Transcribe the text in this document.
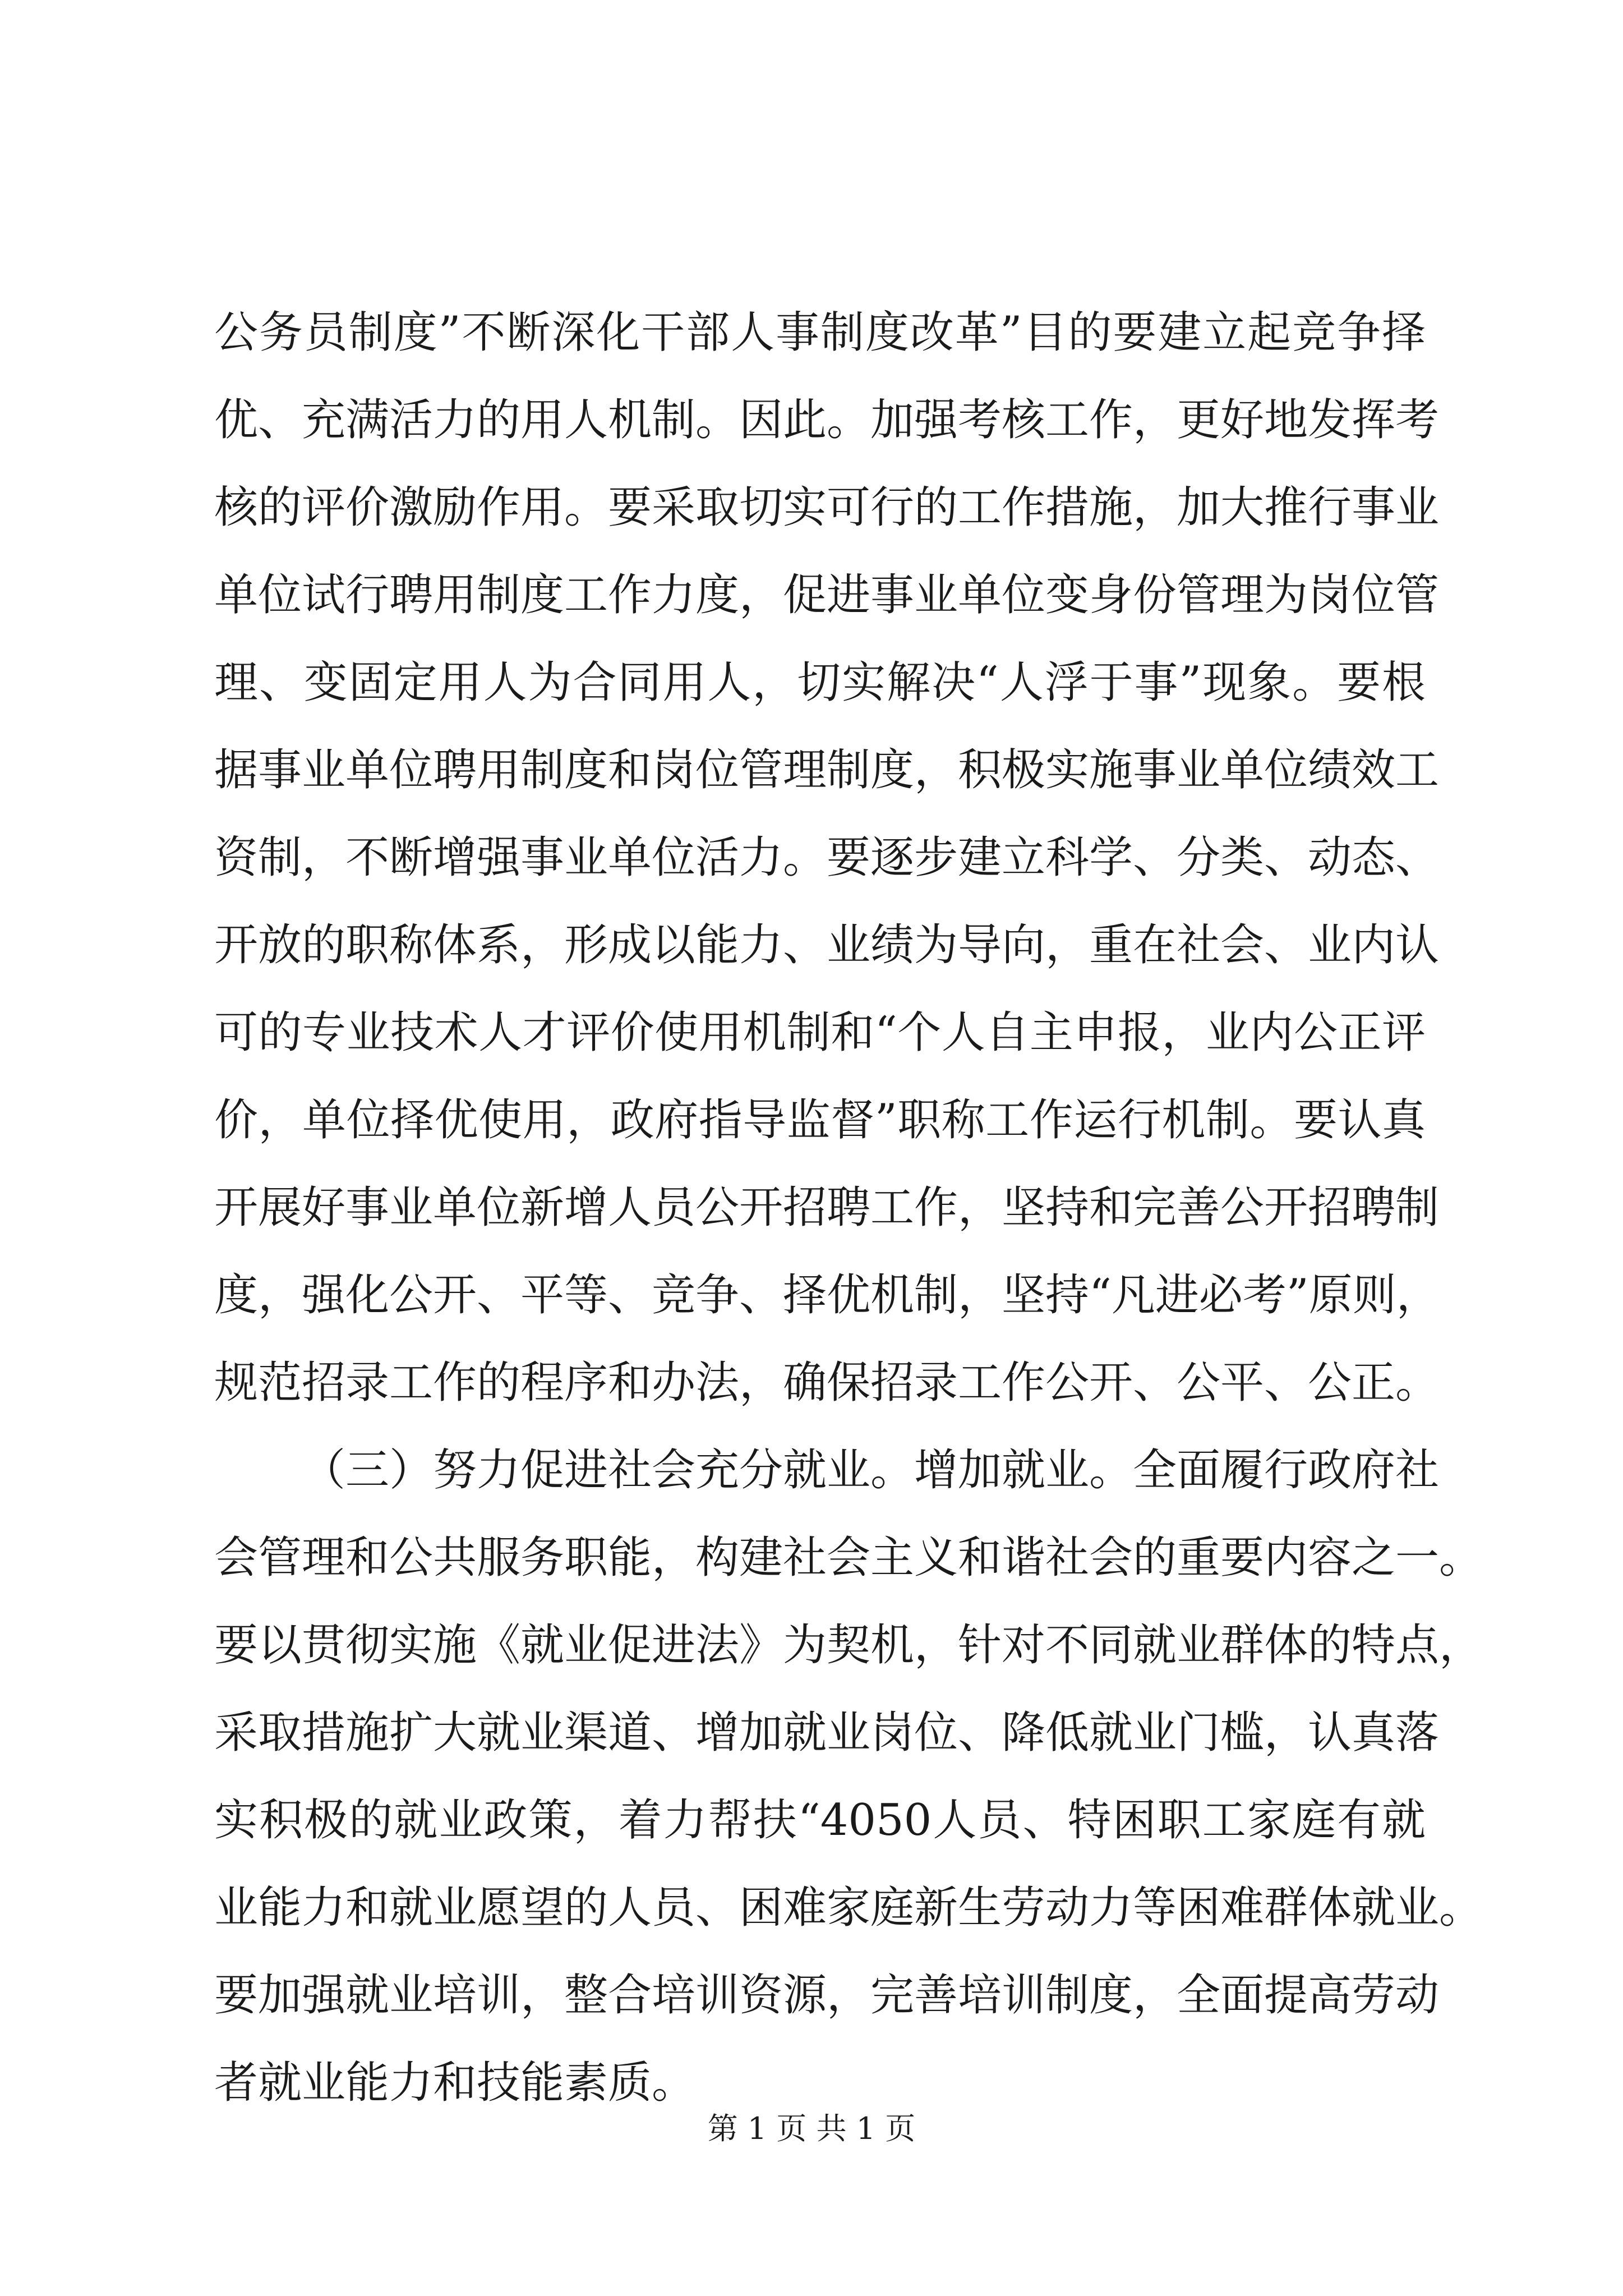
公务员制度”不断深化干部人事制度改革”目的要建立起竞争择
优、充满活力的用人机制。因此。加强考核工作，更好地发挥考
核的评价激励作用。要采取切实可行的工作措施，加大推行事业
单位试行聘用制度工作力度，促进事业单位变身份管理为岗位管
理、变固定用人为合同用人，切实解决“人浮于事”现象。要根
据事业单位聘用制度和岗位管理制度，积极实施事业单位绩效工
资制，不断增强事业单位活力。要逐步建立科学、分类、动态、
开放的职称体系，形成以能力、业绩为导向，重在社会、业内认
可的专业技术人才评价使用机制和“个人自主申报，业内公正评
价，单位择优使用，政府指导监督”职称工作运行机制。要认真
开展好事业单位新增人员公开招聘工作，坚持和完善公开招聘制
度，强化公开、平等、竞争、择优机制，坚持“凡进必考”原则，
规范招录工作的程序和办法，确保招录工作公开、公平、公正。
（三）努力促进社会充分就业。增加就业。全面履行政府社
会管理和公共服务职能，构建社会主义和谐社会的重要内容之一。
要以贯彻实施《就业促进法》为契机，针对不同就业群体的特点，
采取措施扩大就业渠道、增加就业岗位、降低就业门槛，认真落
实积极的就业政策，着力帮扶“4050人员、特困职工家庭有就
业能力和就业愿望的人员、困难家庭新生劳动力等困难群体就业。
要加强就业培训，整合培训资源，完善培训制度，全面提高劳动
者就业能力和技能素质。
第 1 页 共 1 页
